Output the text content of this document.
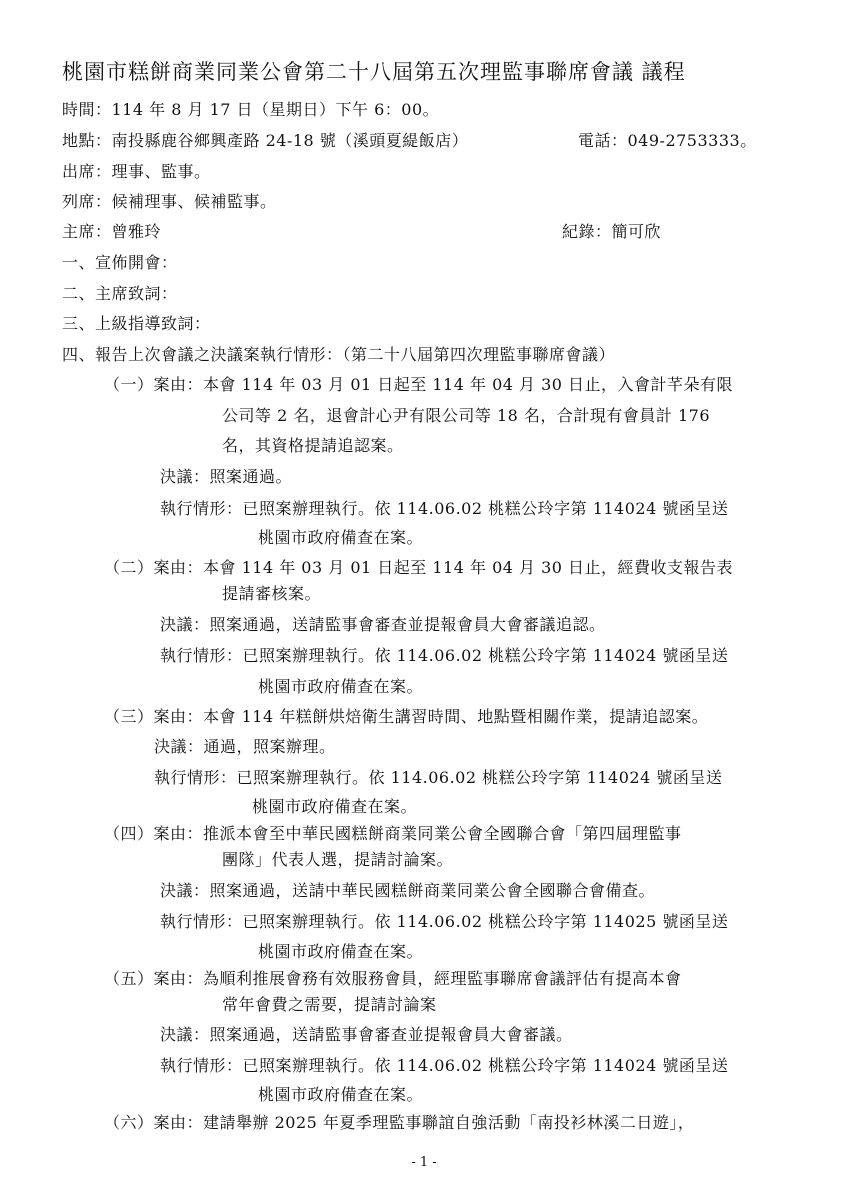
桃園市糕餅商業同業公會第二十八屆第五次理監事聯席會議 議程
時間：114 年 8 月 17 日（星期日）下午 6：00。
地點：南投縣鹿谷鄉興產路 24-18 號（溪頭夏緹飯店）	電話：049-2753333。
出席：理事、監事。
列席：候補理事、候補監事。
主席：曾雅玲	紀錄：簡可欣
一、宣佈開會：
二、主席致詞：
三、上級指導致詞：
四、報告上次會議之決議案執行情形：（第二十八屆第四次理監事聯席會議）
（一）案由：本會 114 年 03 月 01 日起至 114 年 04 月 30 日止，入會計芊朵有限
公司等 2 名，退會計心尹有限公司等 18 名，合計現有會員計 176
名，其資格提請追認案。
決議：照案通過。
執行情形：已照案辦理執行。依 114.06.02 桃糕公玲字第 114024 號函呈送
桃園市政府備查在案。
（二）案由：本會 114 年 03 月 01 日起至 114 年 04 月 30 日止，經費收支報告表
提請審核案。
決議：照案通過，送請監事會審查並提報會員大會審議追認。
執行情形：已照案辦理執行。依 114.06.02 桃糕公玲字第 114024 號函呈送
桃園市政府備查在案。
（三）案由：本會 114 年糕餅烘焙衛生講習時間、地點暨相關作業，提請追認案。
決議：通過，照案辦理。
執行情形：已照案辦理執行。依 114.06.02 桃糕公玲字第 114024 號函呈送
桃園市政府備查在案。
（四）案由：推派本會至中華民國糕餅商業同業公會全國聯合會「第四屆理監事
團隊」代表人選，提請討論案。
決議：照案通過，送請中華民國糕餅商業同業公會全國聯合會備查。
執行情形：已照案辦理執行。依 114.06.02 桃糕公玲字第 114025 號函呈送
桃園市政府備查在案。
（五）案由：為順利推展會務有效服務會員，經理監事聯席會議評估有提高本會
常年會費之需要，提請討論案
決議：照案通過，送請監事會審查並提報會員大會審議。
執行情形：已照案辦理執行。依 114.06.02 桃糕公玲字第 114024 號函呈送
桃園市政府備查在案。
（六）案由：建請舉辦 2025 年夏季理監事聯誼自強活動「南投衫林溪二日遊」，
- 1 -
